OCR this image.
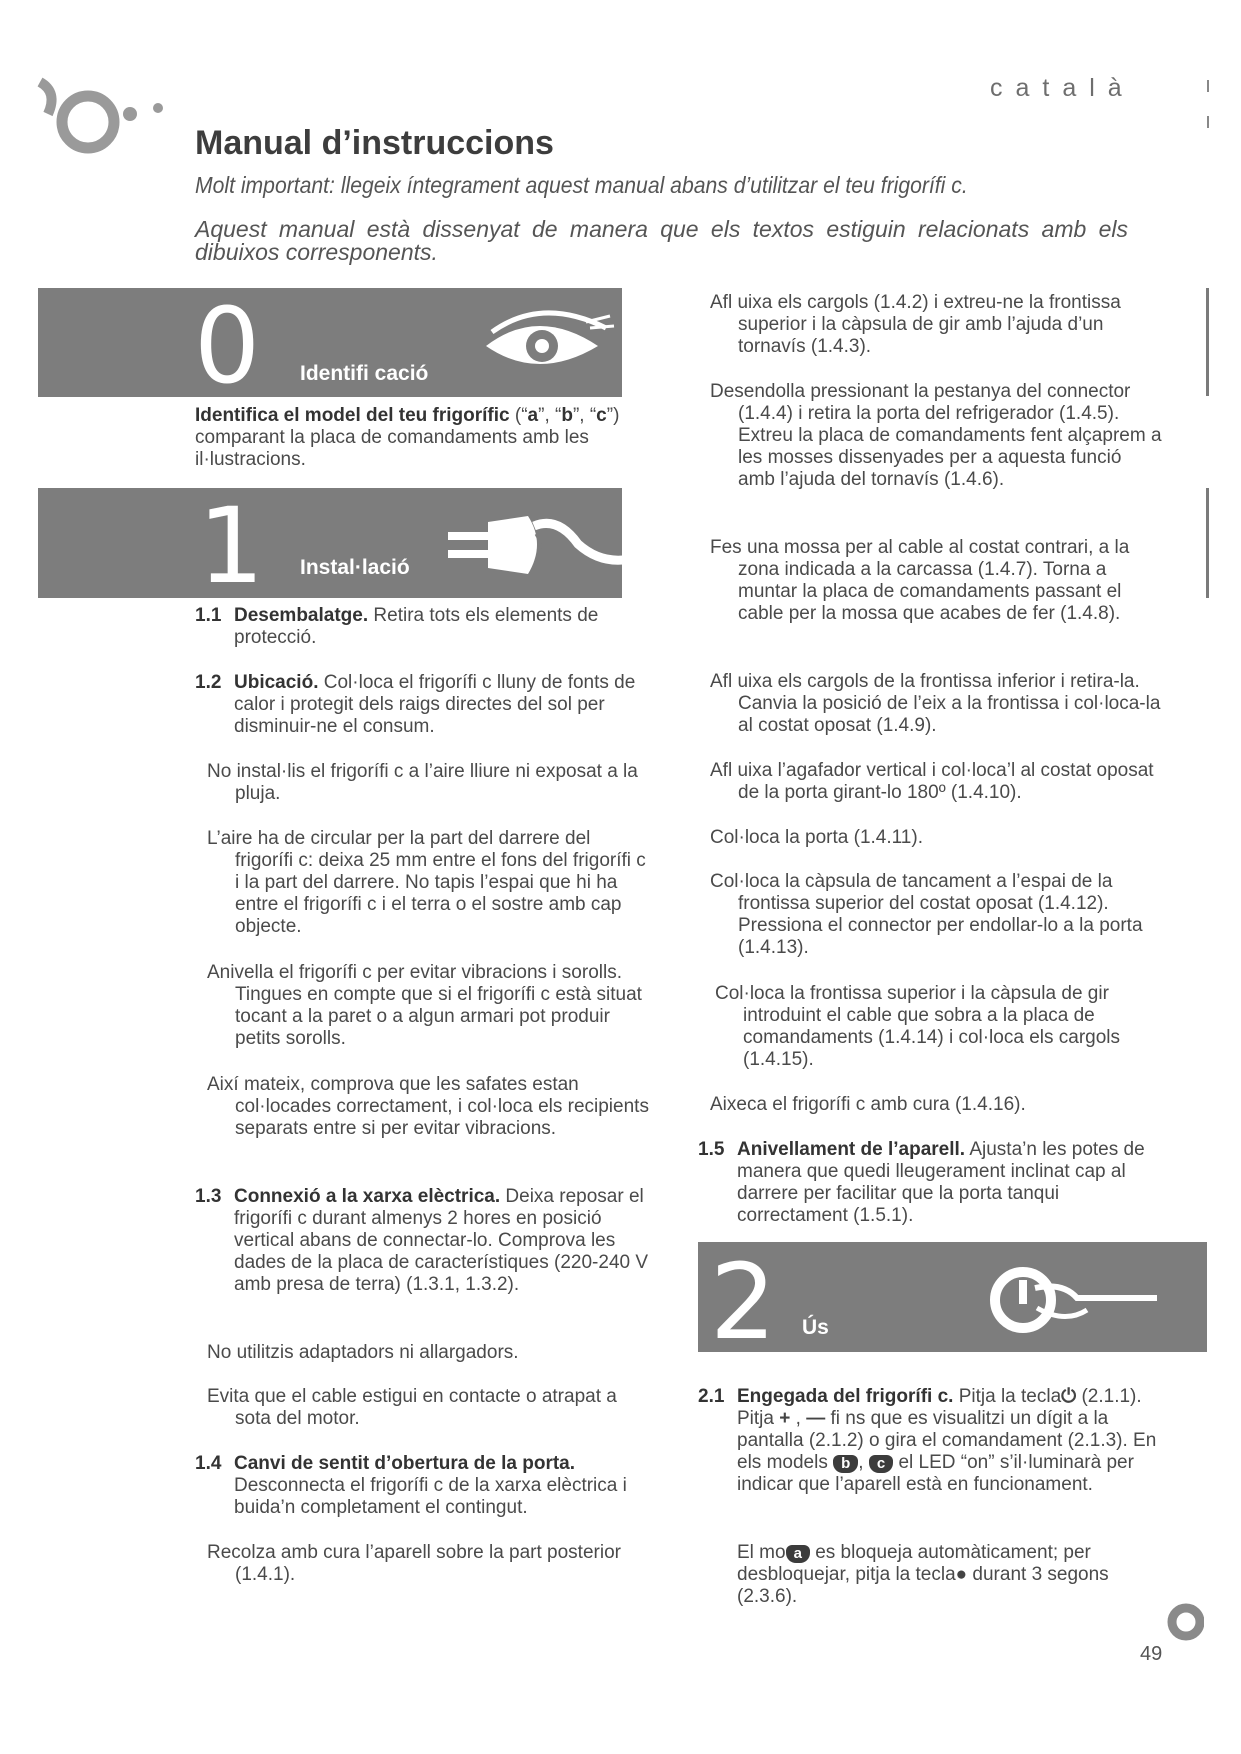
català
Manual d’instruccions
Molt important: llegeix íntegrament aquest manual abans d’utilitzar el teu frigorífi c.
Aquest manual està dissenyat de manera que els textos estiguin relacionats amb els dibuixos corresponents.
0 Identifi cació
Identifica el model del teu frigorífic (“a”, “b”, “c”) comparant la placa de comandaments amb les il·lustracions.
1 Instal·lació
1.1 Desembalatge. Retira tots els elements de protecció.
1.2 Ubicació. Col·loca el frigorífi c lluny de fonts de calor i protegit dels raigs directes del sol per disminuir-ne el consum.
No instal·lis el frigorífi c a l’aire lliure ni exposat a la pluja.
L’aire ha de circular per la part del darrere del frigorífi c: deixa 25 mm entre el fons del frigorífi c i la part del darrere. No tapis l’espai que hi ha entre el frigorífi c i el terra o el sostre amb cap objecte.
Anivella el frigorífi c per evitar vibracions i sorolls. Tingues en compte que si el frigorífi c està situat tocant a la paret o a algun armari pot produir petits sorolls.
Així mateix, comprova que les safates estan col·locades correctament, i col·loca els recipients separats entre si per evitar vibracions.
1.3 Connexió a la xarxa elèctrica. Deixa reposar el frigorífi c durant almenys 2 hores en posició vertical abans de connectar-lo. Comprova les dades de la placa de característiques (220-240 V amb presa de terra) (1.3.1, 1.3.2).
No utilitzis adaptadors ni allargadors.
Evita que el cable estigui en contacte o atrapat a sota del motor.
1.4 Canvi de sentit d’obertura de la porta. Desconnecta el frigorífi c de la xarxa elèctrica i buida’n completament el contingut.
Recolza amb cura l’aparell sobre la part posterior (1.4.1).
Afl uixa els cargols (1.4.2) i extreu-ne la frontissa superior i la càpsula de gir amb l’ajuda d’un tornavís (1.4.3).
Desendolla pressionant la pestanya del connector (1.4.4) i retira la porta del refrigerador (1.4.5). Extreu la placa de comandaments fent alçaprem a les mosses dissenyades per a aquesta funció amb l’ajuda del tornavís (1.4.6).
Fes una mossa per al cable al costat contrari, a la zona indicada a la carcassa (1.4.7). Torna a muntar la placa de comandaments passant el cable per la mossa que acabes de fer (1.4.8).
Afl uixa els cargols de la frontissa inferior i retira-la. Canvia la posició de l’eix a la frontissa i col·loca-la al costat oposat (1.4.9).
Afl uixa l’agafador vertical i col·loca’l al costat oposat de la porta girant-lo 180º (1.4.10).
Col·loca la porta (1.4.11).
Col·loca la càpsula de tancament a l’espai de la frontissa superior del costat oposat (1.4.12). Pressiona el connector per endollar-lo a la porta (1.4.13).
Col·loca la frontissa superior i la càpsula de gir introduint el cable que sobra a la placa de comandaments (1.4.14) i col·loca els cargols (1.4.15).
Aixeca el frigorífi c amb cura (1.4.16).
1.5 Anivellament de l’aparell. Ajusta’n les potes de manera que quedi lleugerament inclinat cap al darrere per facilitar que la porta tanqui correctament (1.5.1).
2 Ús
2.1 Engegada del frigorífi c. Pitja la tecla⏻ (2.1.1). Pitja + , — fi ns que es visualitzi un dígit a la pantalla (2.1.2) o gira el comandament (2.1.3). En els models b , c el LED “on” s’il·luminarà per indicar que l’aparell està en funcionament.
El mo a es bloqueja automàticament; per desbloquejar, pitja la tecla● durant 3 segons (2.3.6).
49
